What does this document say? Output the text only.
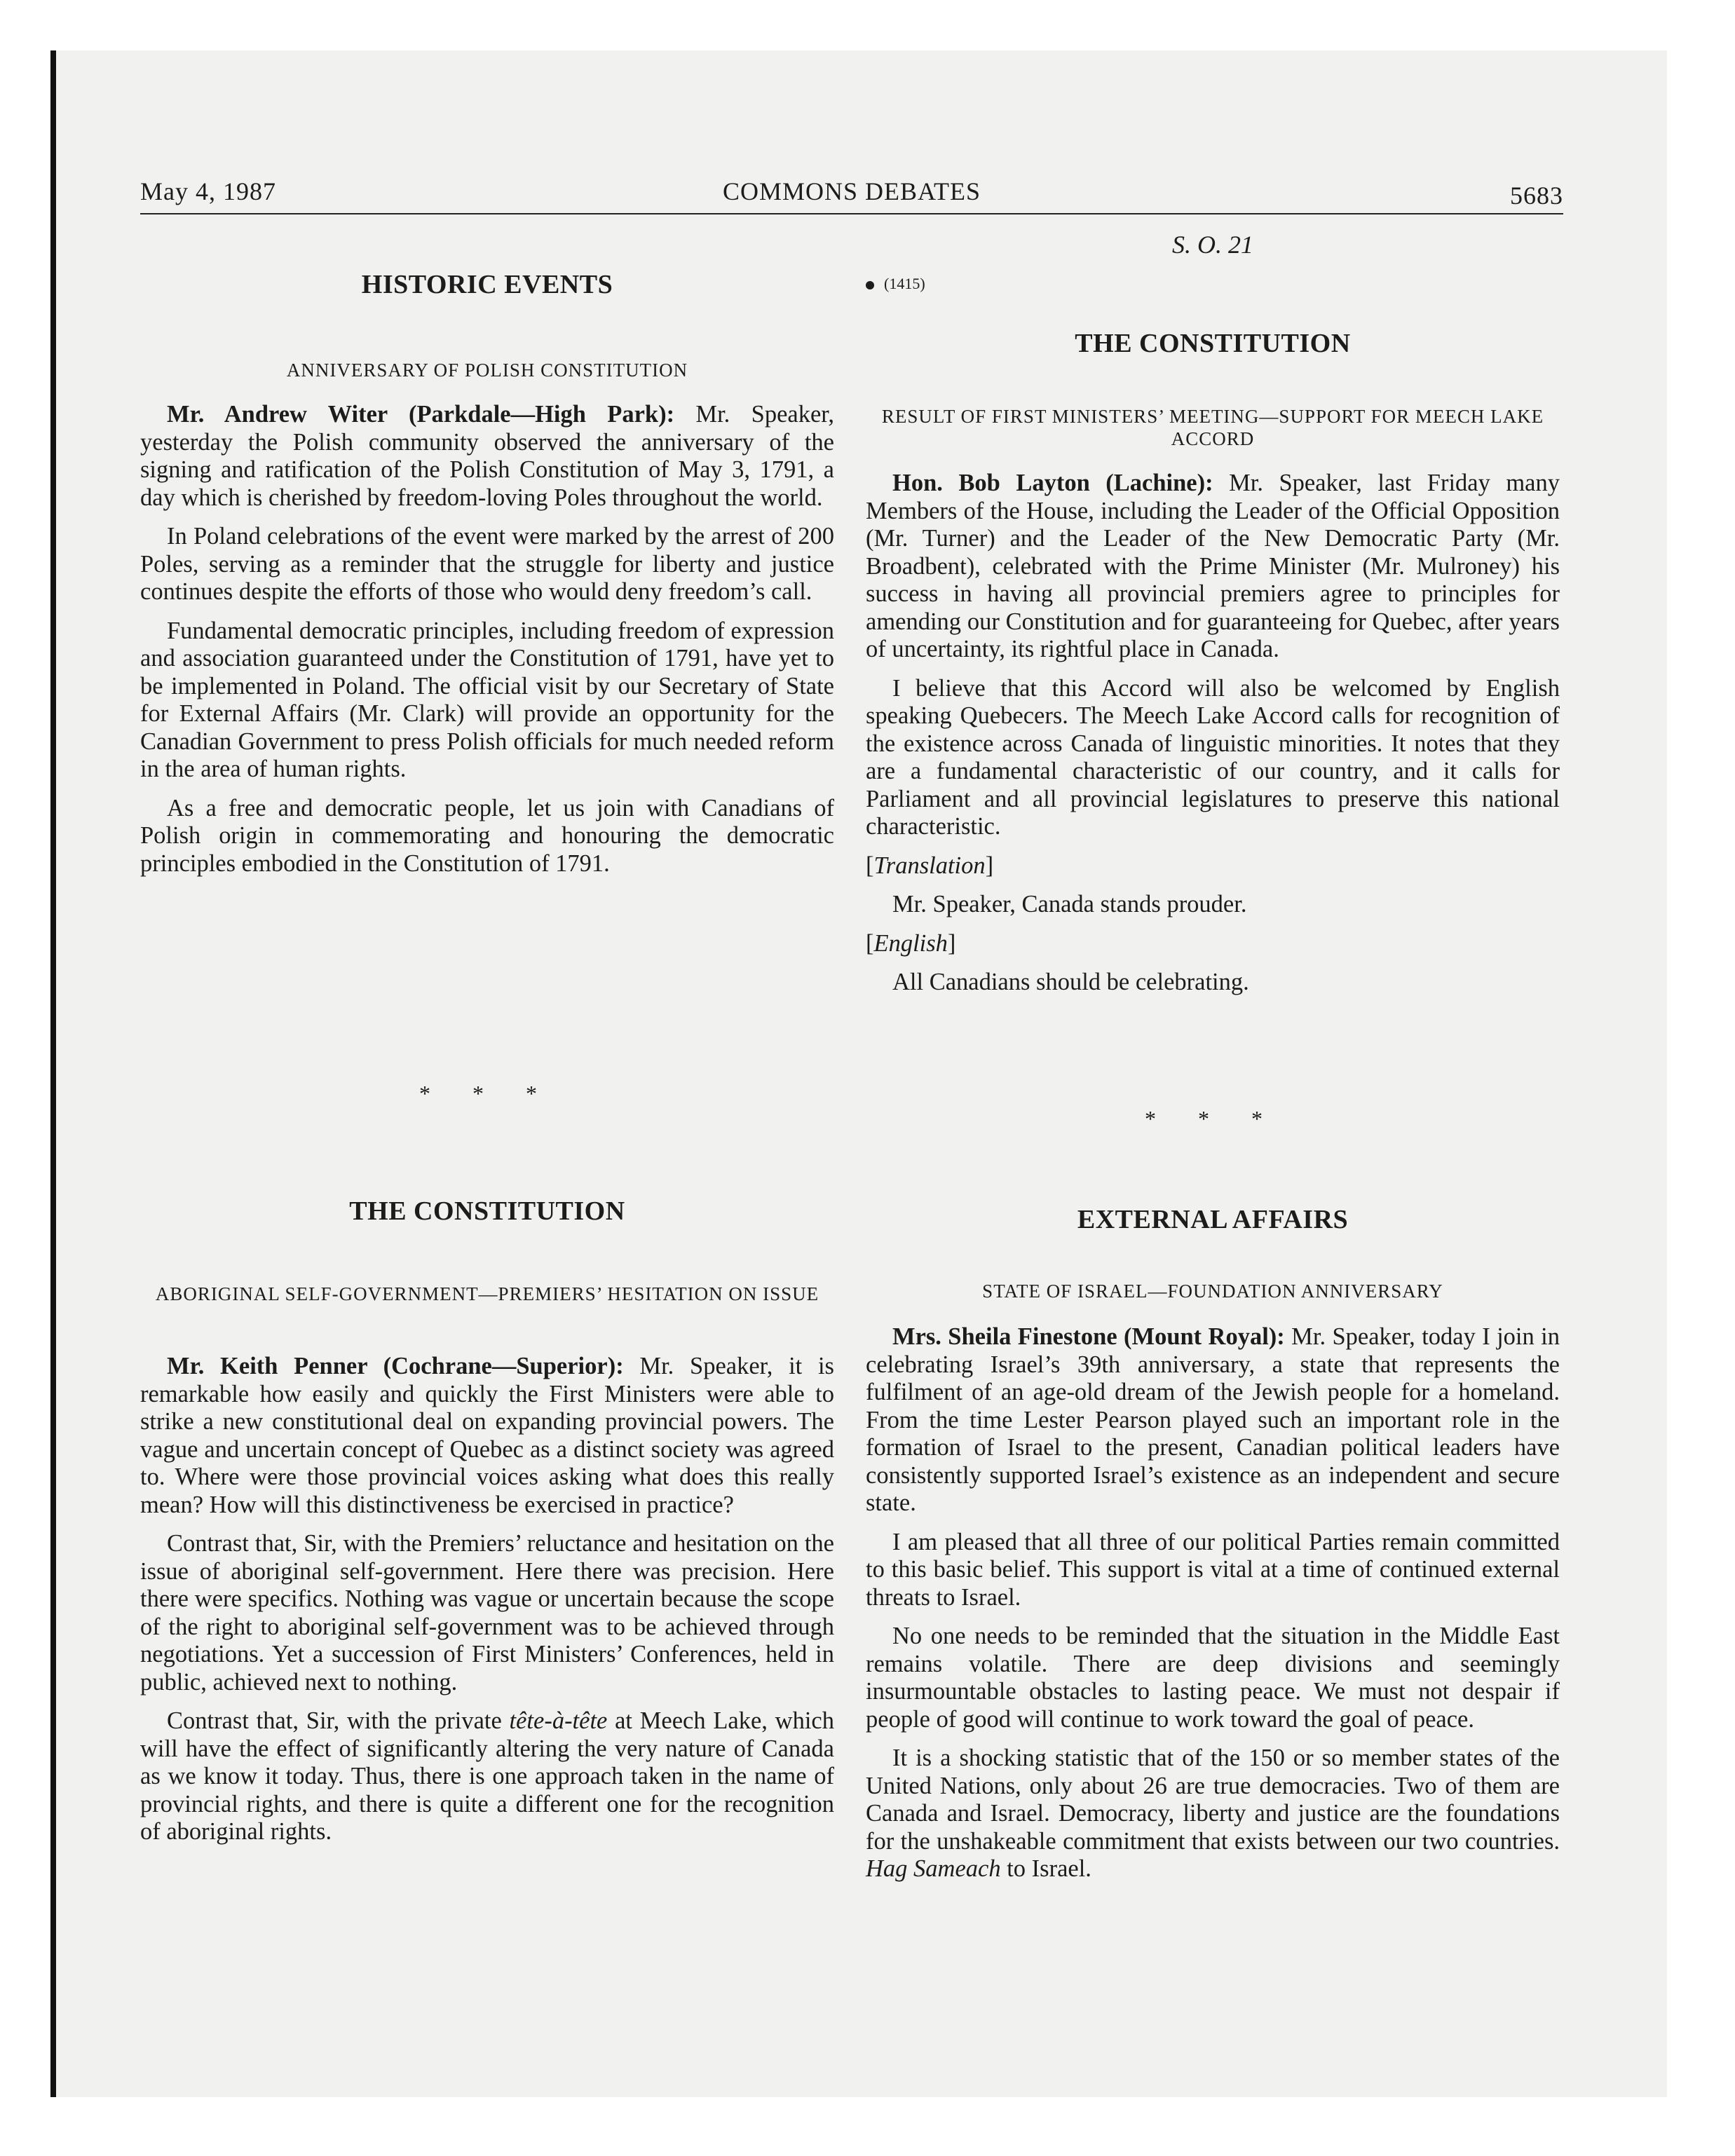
May 4, 1987	COMMONS DEBATES	5683
HISTORIC EVENTS
ANNIVERSARY OF POLISH CONSTITUTION

Mr. Andrew Witer (Parkdale—High Park): Mr. Speaker, yesterday the Polish community observed the anniversary of the signing and ratification of the Polish Constitution of May 3, 1791, a day which is cherished by freedom-loving Poles throughout the world.

In Poland celebrations of the event were marked by the arrest of 200 Poles, serving as a reminder that the struggle for liberty and justice continues despite the efforts of those who would deny freedom’s call.

Fundamental democratic principles, including freedom of expression and association guaranteed under the Constitution of 1791, have yet to be implemented in Poland. The official visit by our Secretary of State for External Affairs (Mr. Clark) will provide an opportunity for the Canadian Government to press Polish officials for much needed reform in the area of human rights.

As a free and democratic people, let us join with Canadians of Polish origin in commemorating and honouring the democratic principles embodied in the Constitution of 1791.

* * *
THE CONSTITUTION
ABORIGINAL SELF-GOVERNMENT—PREMIERS’ HESITATION ON ISSUE

Mr. Keith Penner (Cochrane—Superior): Mr. Speaker, it is remarkable how easily and quickly the First Ministers were able to strike a new constitutional deal on expanding provincial powers. The vague and uncertain concept of Quebec as a distinct society was agreed to. Where were those provincial voices asking what does this really mean? How will this distinctiveness be exercised in practice?

Contrast that, Sir, with the Premiers’ reluctance and hesitation on the issue of aboriginal self-government. Here there was precision. Here there were specifics. Nothing was vague or uncertain because the scope of the right to aboriginal self-government was to be achieved through negotiations. Yet a succession of First Ministers’ Conferences, held in public, achieved next to nothing.

Contrast that, Sir, with the private tête-à-tête at Meech Lake, which will have the effect of significantly altering the very nature of Canada as we know it today. Thus, there is one approach taken in the name of provincial rights, and there is quite a different one for the recognition of aboriginal rights.

S. O. 21
(1415)
THE CONSTITUTION
RESULT OF FIRST MINISTERS’ MEETING—SUPPORT FOR MEECH LAKE ACCORD

Hon. Bob Layton (Lachine): Mr. Speaker, last Friday many Members of the House, including the Leader of the Official Opposition (Mr. Turner) and the Leader of the New Democratic Party (Mr. Broadbent), celebrated with the Prime Minister (Mr. Mulroney) his success in having all provincial premiers agree to principles for amending our Constitution and for guaranteeing for Quebec, after years of uncertainty, its rightful place in Canada.

I believe that this Accord will also be welcomed by English speaking Quebecers. The Meech Lake Accord calls for recognition of the existence across Canada of linguistic minorities. It notes that they are a fundamental characteristic of our country, and it calls for Parliament and all provincial legislatures to preserve this national characteristic.

[Translation]

Mr. Speaker, Canada stands prouder.

[English]

All Canadians should be celebrating.

* * *
EXTERNAL AFFAIRS
STATE OF ISRAEL—FOUNDATION ANNIVERSARY

Mrs. Sheila Finestone (Mount Royal): Mr. Speaker, today I join in celebrating Israel’s 39th anniversary, a state that represents the fulfilment of an age-old dream of the Jewish people for a homeland. From the time Lester Pearson played such an important role in the formation of Israel to the present, Canadian political leaders have consistently supported Israel’s existence as an independent and secure state.

I am pleased that all three of our political Parties remain committed to this basic belief. This support is vital at a time of continued external threats to Israel.

No one needs to be reminded that the situation in the Middle East remains volatile. There are deep divisions and seemingly insurmountable obstacles to lasting peace. We must not despair if people of good will continue to work toward the goal of peace.

It is a shocking statistic that of the 150 or so member states of the United Nations, only about 26 are true democracies. Two of them are Canada and Israel. Democracy, liberty and justice are the foundations for the unshakeable commitment that exists between our two countries. Hag Sameach to Israel.
